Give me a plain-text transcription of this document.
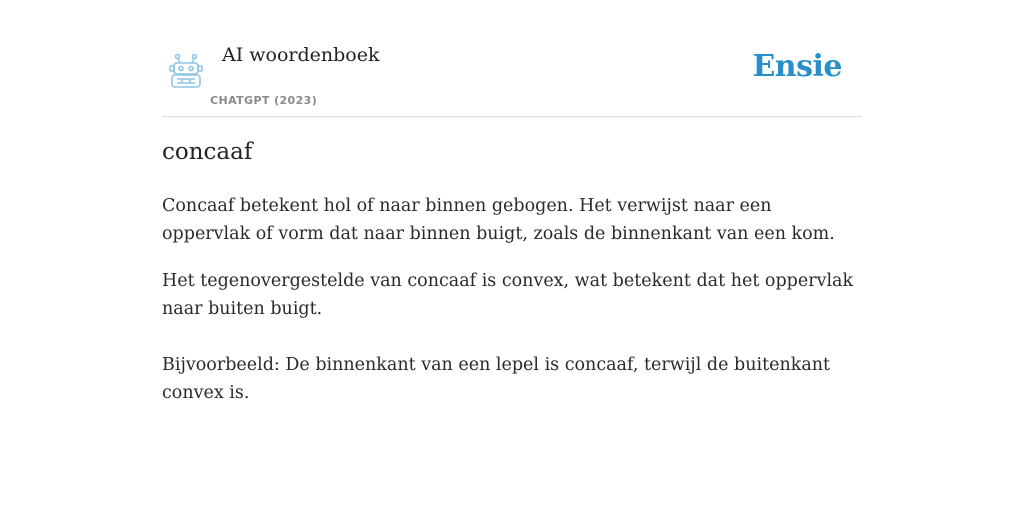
AI woordenboek
CHATGPT (2023)
Ensie
concaaf

Concaaf betekent hol of naar binnen gebogen. Het verwijst naar een oppervlak of vorm dat naar binnen buigt, zoals de binnenkant van een kom.

Het tegenovergestelde van concaaf is convex, wat betekent dat het oppervlak naar buiten buigt.

Bijvoorbeeld: De binnenkant van een lepel is concaaf, terwijl de buitenkant convex is.
